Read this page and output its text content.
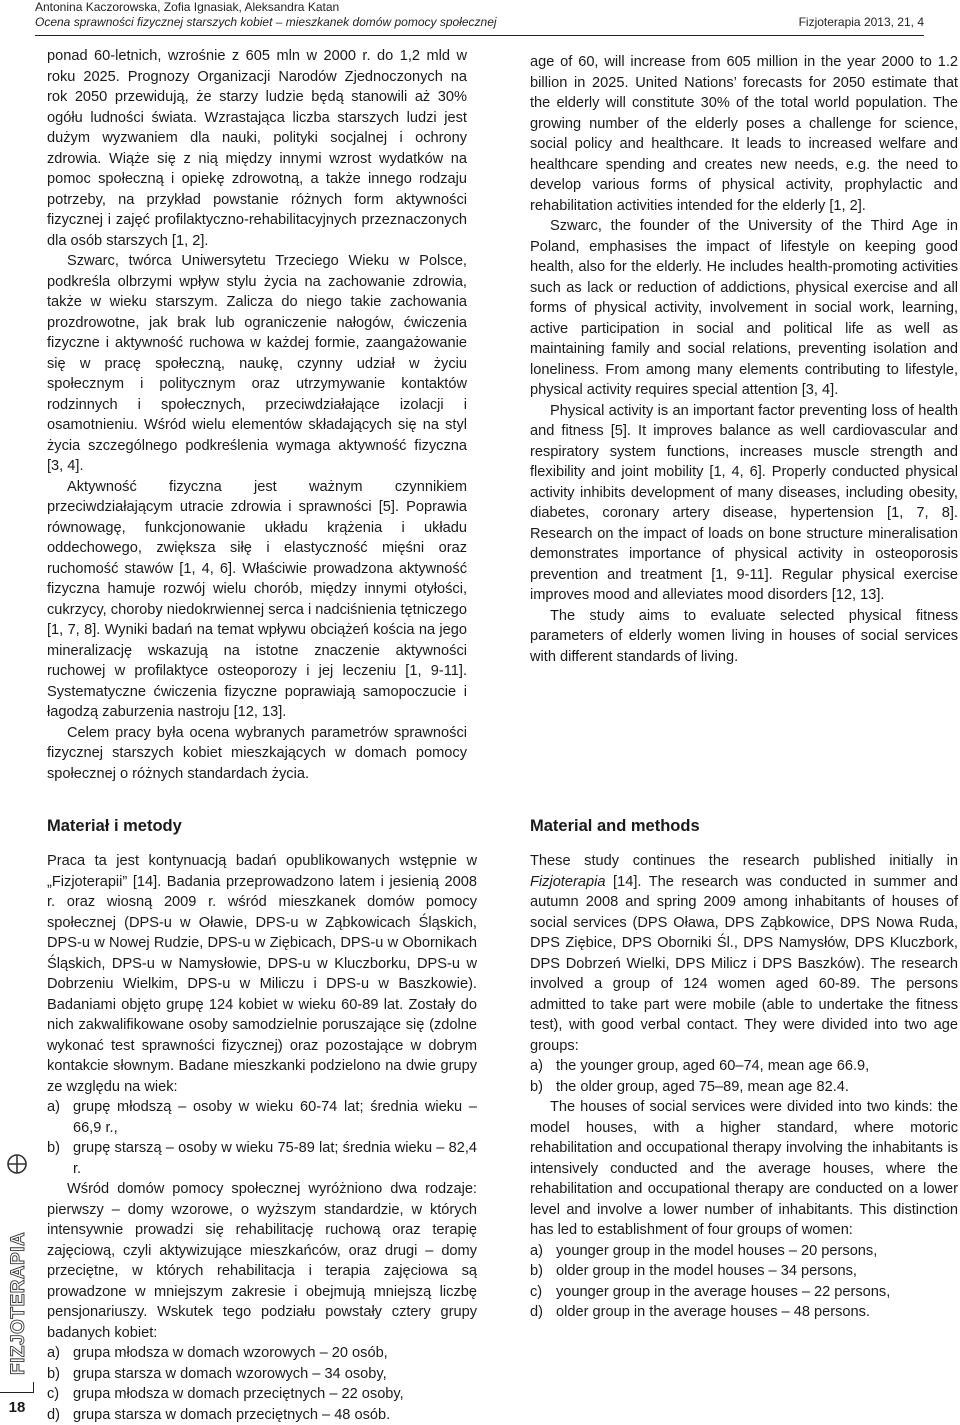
Antonina Kaczorowska, Zofia Ignasiak, Aleksandra Katan
Ocena sprawności fizycznej starszych kobiet – mieszkanek domów pomocy społecznej	Fizjoterapia 2013, 21, 4

ponad 60-letnich, wzrośnie z 605 mln w 2000 r. do 1,2 mld w roku 2025. Prognozy Organizacji Narodów Zjednoczonych na rok 2050 przewidują, że starzy ludzie będą stanowili aż 30% ogółu ludności świata. Wzrastająca liczba starszych ludzi jest dużym wyzwaniem dla nauki, polityki socjalnej i ochrony zdrowia. Wiąże się z nią między innymi wzrost wydatków na pomoc społeczną i opiekę zdrowotną, a także innego rodzaju potrzeby, na przykład powstanie różnych form aktywności fizycznej i zajęć profilaktyczno-rehabilitacyjnych przeznaczonych dla osób starszych [1, 2].

Szwarc, twórca Uniwersytetu Trzeciego Wieku w Polsce, podkreśla olbrzymi wpływ stylu życia na zachowanie zdrowia, także w wieku starszym. Zalicza do niego takie zachowania prozdrowotne, jak brak lub ograniczenie nałogów, ćwiczenia fizyczne i aktywność ruchowa w każdej formie, zaangażowanie się w pracę społeczną, naukę, czynny udział w życiu społecznym i politycznym oraz utrzymywanie kontaktów rodzinnych i społecznych, przeciwdziałające izolacji i osamotnieniu. Wśród wielu elementów składających się na styl życia szczególnego podkreślenia wymaga aktywność fizyczna [3, 4].

Aktywność fizyczna jest ważnym czynnikiem przeciwdziałającym utracie zdrowia i sprawności [5]. Poprawia równowagę, funkcjonowanie układu krążenia i układu oddechowego, zwiększa siłę i elastyczność mięśni oraz ruchomość stawów [1, 4, 6]. Właściwie prowadzona aktywność fizyczna hamuje rozwój wielu chorób, między innymi otyłości, cukrzycy, choroby niedokrwiennej serca i nadciśnienia tętniczego [1, 7, 8]. Wyniki badań na temat wpływu obciążeń kościa na jego mineralizację wskazują na istotne znaczenie aktywności ruchowej w profilaktyce osteoporozy i jej leczeniu [1, 9-11]. Systematyczne ćwiczenia fizyczne poprawiają samopoczucie i łagodzą zaburzenia nastroju [12, 13].

Celem pracy była ocena wybranych parametrów sprawności fizycznej starszych kobiet mieszkających w domach pomocy społecznej o różnych standardach życia.

age of 60, will increase from 605 million in the year 2000 to 1.2 billion in 2025. United Nations’ forecasts for 2050 estimate that the elderly will constitute 30% of the total world population. The growing number of the elderly poses a challenge for science, social policy and healthcare. It leads to increased welfare and healthcare spending and creates new needs, e.g. the need to develop various forms of physical activity, prophylactic and rehabilitation activities intended for the elderly [1, 2].

Szwarc, the founder of the University of the Third Age in Poland, emphasises the impact of lifestyle on keeping good health, also for the elderly. He includes health-promoting activities such as lack or reduction of addictions, physical exercise and all forms of physical activity, involvement in social work, learning, active participation in social and political life as well as maintaining family and social relations, preventing isolation and loneliness. From among many elements contributing to lifestyle, physical activity requires special attention [3, 4].

Physical activity is an important factor preventing loss of health and fitness [5]. It improves balance as well cardiovascular and respiratory system functions, increases muscle strength and flexibility and joint mobility [1, 4, 6]. Properly conducted physical activity inhibits development of many diseases, including obesity, diabetes, coronary artery disease, hypertension [1, 7, 8]. Research on the impact of loads on bone structure mineralisation demonstrates importance of physical activity in osteoporosis prevention and treatment [1, 9-11]. Regular physical exercise improves mood and alleviates mood disorders [12, 13].

The study aims to evaluate selected physical fitness parameters of elderly women living in houses of social services with different standards of living.

Materiał i metody

Praca ta jest kontynuacją badań opublikowanych wstępnie w „Fizjoterapii” [14]. Badania przeprowadzono latem i jesienią 2008 r. oraz wiosną 2009 r. wśród mieszkanek domów pomocy społecznej (DPS-u w Oławie, DPS-u w Ząbkowicach Śląskich, DPS-u w Nowej Rudzie, DPS-u w Ziębicach, DPS-u w Obornikach Śląskich, DPS-u w Namysłowie, DPS-u w Kluczborku, DPS-u w Dobrzeniu Wielkim, DPS-u w Miliczu i DPS-u w Baszkowie). Badaniami objęto grupę 124 kobiet w wieku 60-89 lat. Zostały do nich zakwalifikowane osoby samodzielnie poruszające się (zdolne wykonać test sprawności fizycznej) oraz pozostające w dobrym kontakcie słownym. Badane mieszkanki podzielono na dwie grupy ze względu na wiek:

a) grupę młodszą – osoby w wieku 60-74 lat; średnia wieku – 66,9 r.,
b) grupę starszą – osoby w wieku 75-89 lat; średnia wieku – 82,4 r.

Wśród domów pomocy społecznej wyróżniono dwa rodzaje: pierwszy – domy wzorowe, o wyższym standardzie, w których intensywnie prowadzi się rehabilitację ruchową oraz terapię zajęciową, czyli aktywizujące mieszkańców, oraz drugi – domy przeciętne, w których rehabilitacja i terapia zajęciowa są prowadzone w mniejszym zakresie i obejmują mniejszą liczbę pensjonariuszy. Wskutek tego podziału powstały cztery grupy badanych kobiet:

a) grupa młodsza w domach wzorowych – 20 osób,
b) grupa starsza w domach wzorowych – 34 osoby,
c) grupa młodsza w domach przeciętnych – 22 osoby,
d) grupa starsza w domach przeciętnych – 48 osób.
Material and methods

These study continues the research published initially in Fizjoterapia [14]. The research was conducted in summer and autumn 2008 and spring 2009 among inhabitants of houses of social services (DPS Oława, DPS Ząbkowice, DPS Nowa Ruda, DPS Ziębice, DPS Oborniki Śl., DPS Namysłów, DPS Kluczbork, DPS Dobrzeń Wielki, DPS Milicz i DPS Baszków). The research involved a group of 124 women aged 60-89. The persons admitted to take part were mobile (able to undertake the fitness test), with good verbal contact. They were divided into two age groups:

a) the younger group, aged 60–74, mean age 66.9,
b) the older group, aged 75–89, mean age 82.4.

The houses of social services were divided into two kinds: the model houses, with a higher standard, where motoric rehabilitation and occupational therapy involving the inhabitants is intensively conducted and the average houses, where the rehabilitation and occupational therapy are conducted on a lower level and involve a lower number of inhabitants. This distinction has led to establishment of four groups of women:

a) younger group in the model houses – 20 persons,
b) older group in the model houses – 34 persons,
c) younger group in the average houses – 22 persons,
d) older group in the average houses – 48 persons.
FIZJOTERAPIA
18
